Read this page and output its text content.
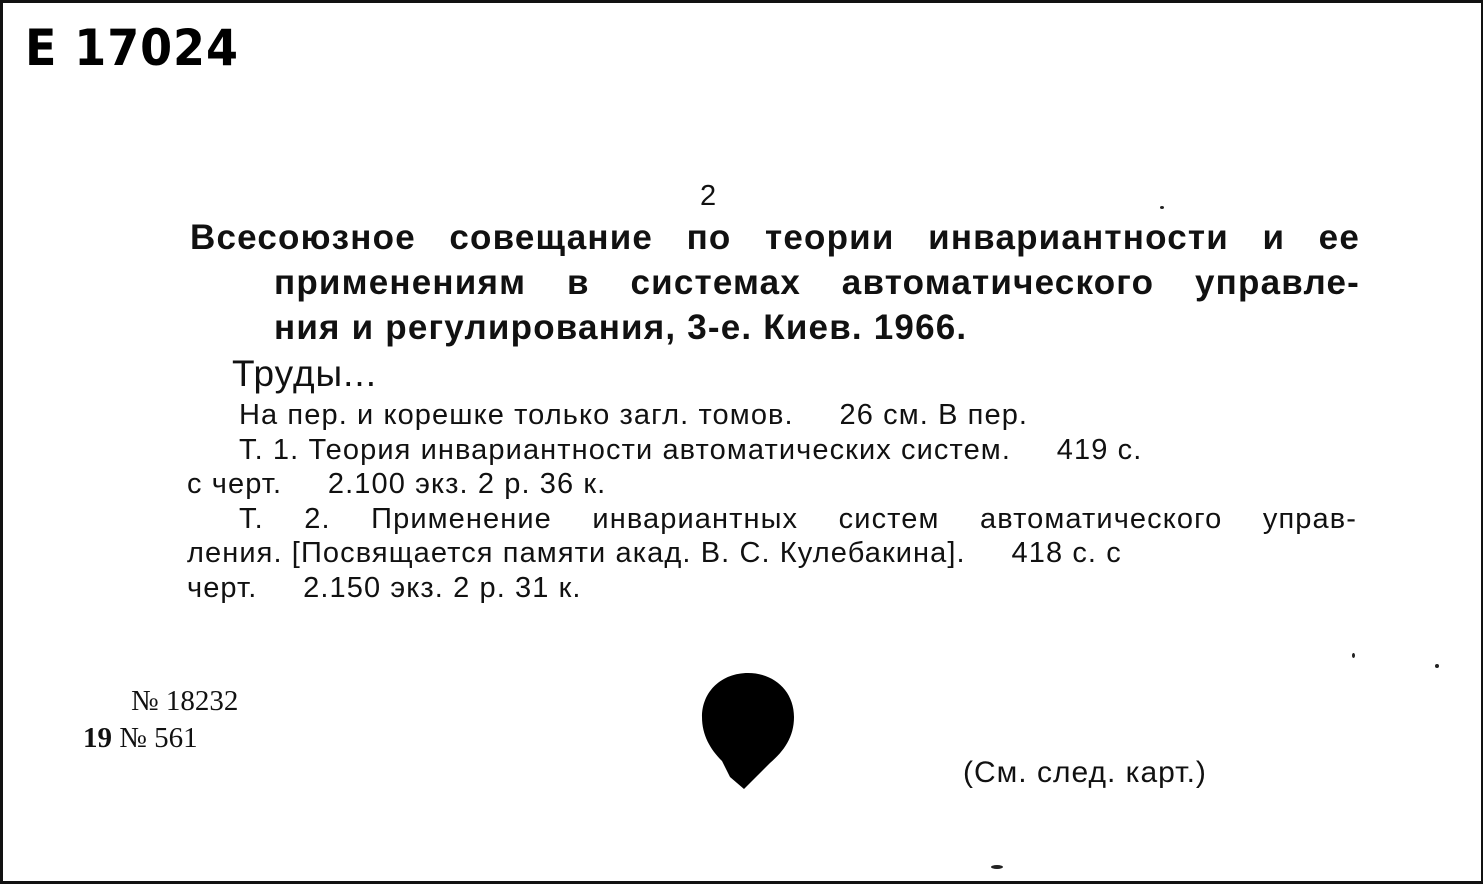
E 17024
2
Всесоюзное совещание по теории инвариантности и ее
применениям в системах автоматического управле-
ния и регулирования, 3-е. Киев. 1966.
Труды...
На пер. и корешке только загл. томов.     26 см. В пер.
Т. 1. Теория инвариантности автоматических систем.     419 с.
с черт.     2.100 экз. 2 р. 36 к.
Т. 2. Применение инвариантных систем автоматического управ-
ления. [Посвящается памяти акад. В. С. Кулебакина].     418 с. с
черт.     2.150 экз. 2 р. 31 к.
№ 18232
19 № 561
(См. след. карт.)
